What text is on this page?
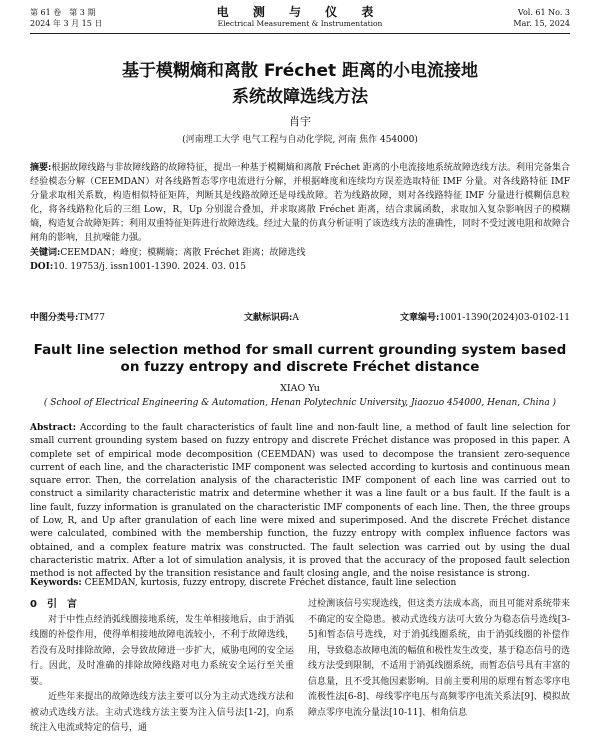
第 61 卷　第 3 期
2024 年 3 月 15 日
电 测 与 仪 表
Electrical Measurement & Instrumentation
Vol. 61 No. 3
Mar. 15, 2024
基于模糊熵和离散 Fréchet 距离的小电流接地
系统故障选线方法
肖宇
(河南理工大学 电气工程与自动化学院, 河南 焦作 454000)
摘要:根据故障线路与非故障线路的故障特征，提出一种基于模糊熵和离散 Fréchet 距离的小电流接地系统故障选线方法。利用完备集合经验模态分解（CEEMDAN）对各线路暂态零序电流进行分解，并根据峰度和连续均方误差选取特征 IMF 分量。对各线路特征 IMF 分量求取相关系数，构造相似特征矩阵，判断其是线路故障还是母线故障。若为线路故障，则对各线路特征 IMF 分量进行模糊信息粒化，将各线路粒化后的三组 Low，R，Up 分别混合叠加，并求取离散 Fréchet 距离，结合隶属函数，求取加入复杂影响因子的模糊熵，构造复合故障矩阵；利用双重特征矩阵进行故障选线。经过大量的仿真分析证明了该选线方法的准确性，同时不受过渡电阻和故障合闸角的影响，且抗噪能力强。
关键词:CEEMDAN；峰度；模糊熵；离散 Fréchet 距离；故障选线
DOI:10. 19753/j. issn1001-1390. 2024. 03. 015
中图分类号:TM77	文献标识码:A	文章编号:1001-1390(2024)03-0102-11
Fault line selection method for small current grounding system based
on fuzzy entropy and discrete Fréchet distance
XIAO Yu
( School of Electrical Engineering & Automation, Henan Polytechnic University, Jiaozuo 454000, Henan, China )
Abstract: According to the fault characteristics of fault line and non-fault line, a method of fault line selection for small current grounding system based on fuzzy entropy and discrete Fréchet distance was proposed in this paper. A complete set of empirical mode decomposition (CEEMDAN) was used to decompose the transient zero-sequence current of each line, and the characteristic IMF component was selected according to kurtosis and continuous mean square error. Then, the correlation analysis of the characteristic IMF component of each line was carried out to construct a similarity characteristic matrix and determine whether it was a line fault or a bus fault. If the fault is a line fault, fuzzy information is granulated on the characteristic IMF components of each line. Then, the three groups of Low, R, and Up after granulation of each line were mixed and superimposed. And the discrete Fréchet distance were calculated, combined with the membership function, the fuzzy entropy with complex influence factors was obtained, and a complex feature matrix was constructed. The fault selection was carried out by using the dual characteristic matrix. After a lot of simulation analysis, it is proved that the accuracy of the proposed fault selection method is not affected by the transition resistance and fault closing angle, and the noise resistance is strong.
Keywords: CEEMDAN, kurtosis, fuzzy entropy, discrete Fréchet distance, fault line selection
0　引　言
对于中性点经消弧线圈接地系统，发生单相接地后，由于消弧线圈的补偿作用，使得单相接地故障电流较小，不利于故障选线，若没有及时排除故障，会导致故障进一步扩大，威胁电网的安全运行。因此，及时准确的排除故障线路对电力系统安全运行至关重要。
近些年来提出的故障选线方法主要可以分为主动式选线方法和被动式选线方法。主动式选线方法主要为注入信号法[1-2]，向系统注入电流或特定的信号，通
过检测该信号实现选线，但这类方法成本高，而且可能对系统带来不确定的安全隐患。被动式选线方法可大致分为稳态信号选线[3-5]和暂态信号选线，对于消弧线圈系统，由于消弧线圈的补偿作用，导致稳态故障电流的幅值和极性发生改变，基于稳态信号的选线方法受到限制，不适用于消弧线圈系统，而暂态信号具有丰富的信息量，且不受其他因素影响。目前主要利用的原理有暂态零序电流极性法[6-8]、母线零序电压与高频零序电流关系法[9]、模拟故障点零序电流分量法[10-11]、相角信息
